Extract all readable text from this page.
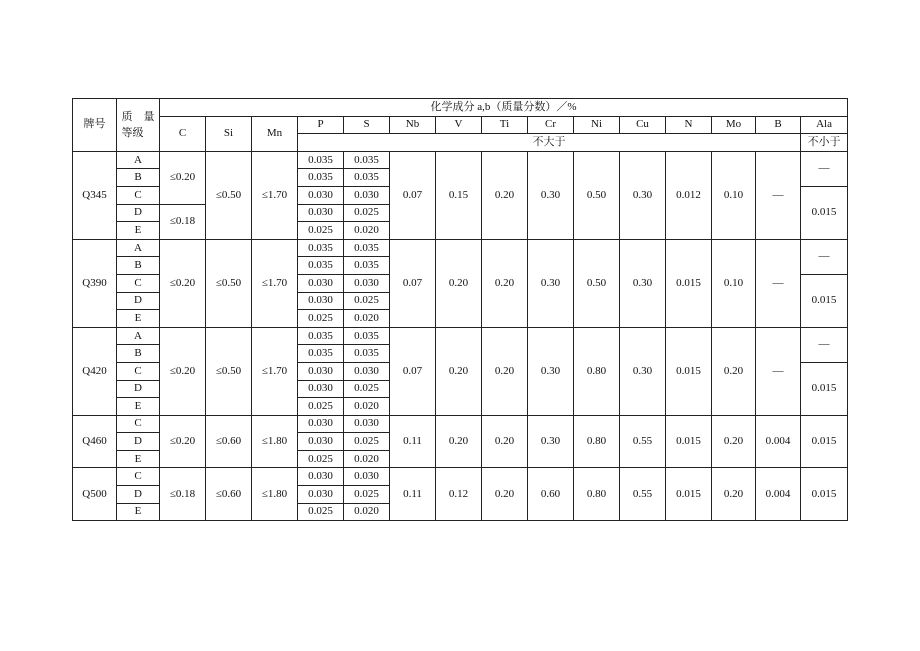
牌号	质　量
等级	化学成分 a,b（质量分数）／%														
		C	Si	Mn	P	S	Nb	V	Ti	Cr	Ni	Cu	N	Mo	B	Ala
					不大于											不小于
Q345	A	≤0.20	≤0.50	≤1.70	0.035	0.035	0.07	0.15	0.20	0.30	0.50	0.30	0.012	0.10	—	—
	B				0.035	0.035										
	C				0.030	0.030										0.015
	D	≤0.18			0.030	0.025										
	E				0.025	0.020										
Q390	A	≤0.20	≤0.50	≤1.70	0.035	0.035	0.07	0.20	0.20	0.30	0.50	0.30	0.015	0.10	—	—
	B				0.035	0.035										
	C				0.030	0.030										0.015
	D				0.030	0.025										
	E				0.025	0.020										
Q420	A	≤0.20	≤0.50	≤1.70	0.035	0.035	0.07	0.20	0.20	0.30	0.80	0.30	0.015	0.20	—	—
	B				0.035	0.035										
	C				0.030	0.030										0.015
	D				0.030	0.025										
	E				0.025	0.020										
Q460	C	≤0.20	≤0.60	≤1.80	0.030	0.030	0.11	0.20	0.20	0.30	0.80	0.55	0.015	0.20	0.004	0.015
	D				0.030	0.025										
	E				0.025	0.020										
Q500	C	≤0.18	≤0.60	≤1.80	0.030	0.030	0.11	0.12	0.20	0.60	0.80	0.55	0.015	0.20	0.004	0.015
	D				0.030	0.025										
	E				0.025	0.020										
